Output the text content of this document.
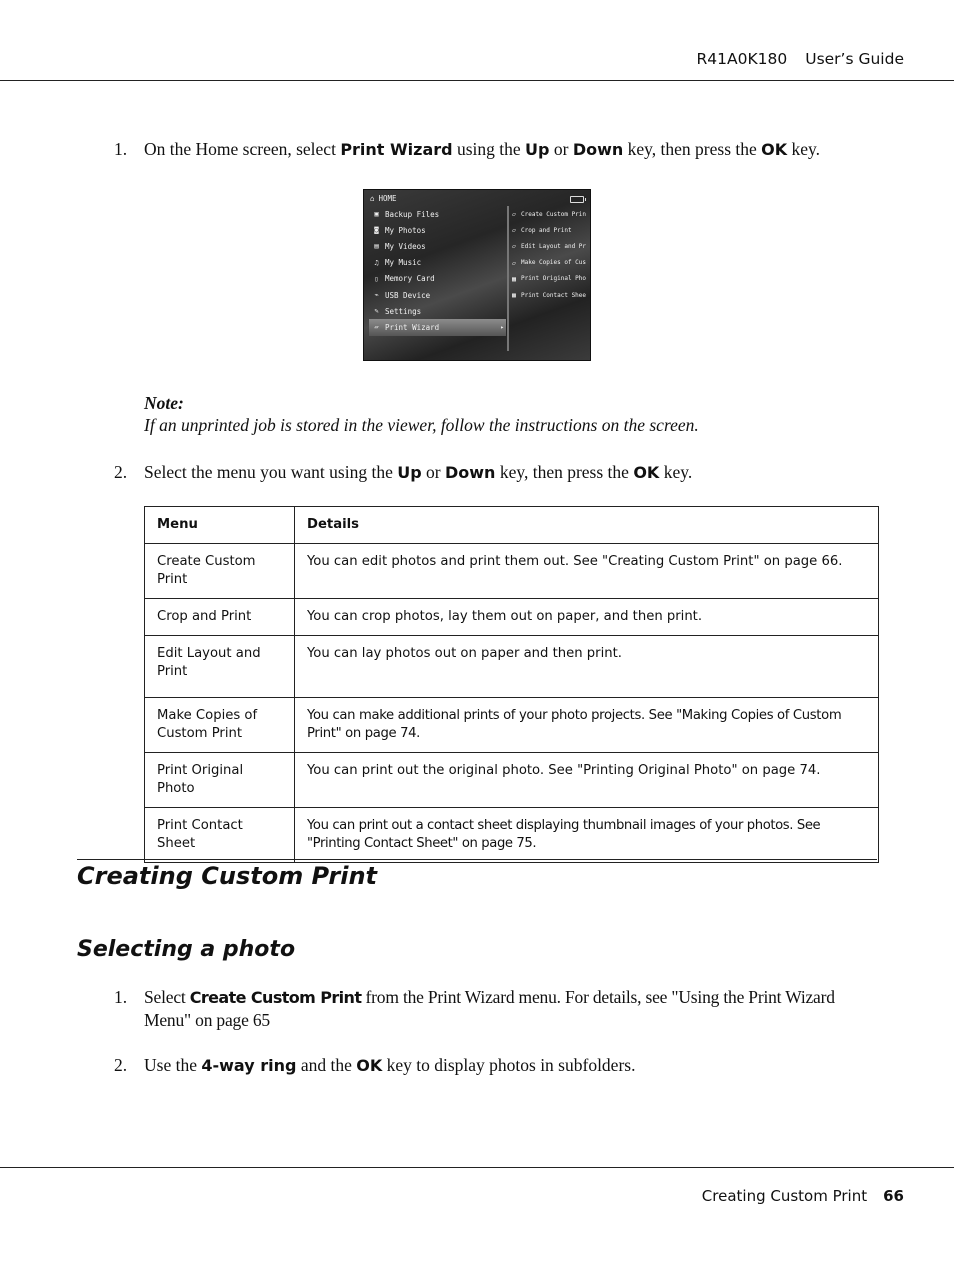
R41A0K180 User’s Guide
1. On the Home screen, select Print Wizard using the Up or Down key, then press the OK key.
⌂ HOME
▣ Backup Files
◙ My Photos
▤ My Videos
♫ My Music
▯ Memory Card
⌁ USB Device
✎ Settings
▱ Print Wizard
▸
▱ Create Custom Prin
▱ Crop and Print
▱ Edit Layout and Pr
▱ Make Copies of Cus
▦ Print Original Pho
▩ Print Contact Shee
Note:
If an unprinted job is stored in the viewer, follow the instructions on the screen.
2. Select the menu you want using the Up or Down key, then press the OK key.
Menu	Details
Create Custom Print	You can edit photos and print them out. See "Creating Custom Print" on page 66.
Crop and Print	You can crop photos, lay them out on paper, and then print.
Edit Layout and Print	You can lay photos out on paper and then print.
Make Copies of Custom Print	You can make additional prints of your photo projects. See "Making Copies of Custom Print" on page 74.
Print Original Photo	You can print out the original photo. See "Printing Original Photo" on page 74.
Print Contact Sheet	You can print out a contact sheet displaying thumbnail images of your photos. See "Printing Contact Sheet" on page 75.
Creating Custom Print
Selecting a photo
1. Select Create Custom Print from the Print Wizard menu. For details, see "Using the Print Wizard
Menu" on page 65
2. Use the 4-way ring and the OK key to display photos in subfolders.
Creating Custom Print 66
